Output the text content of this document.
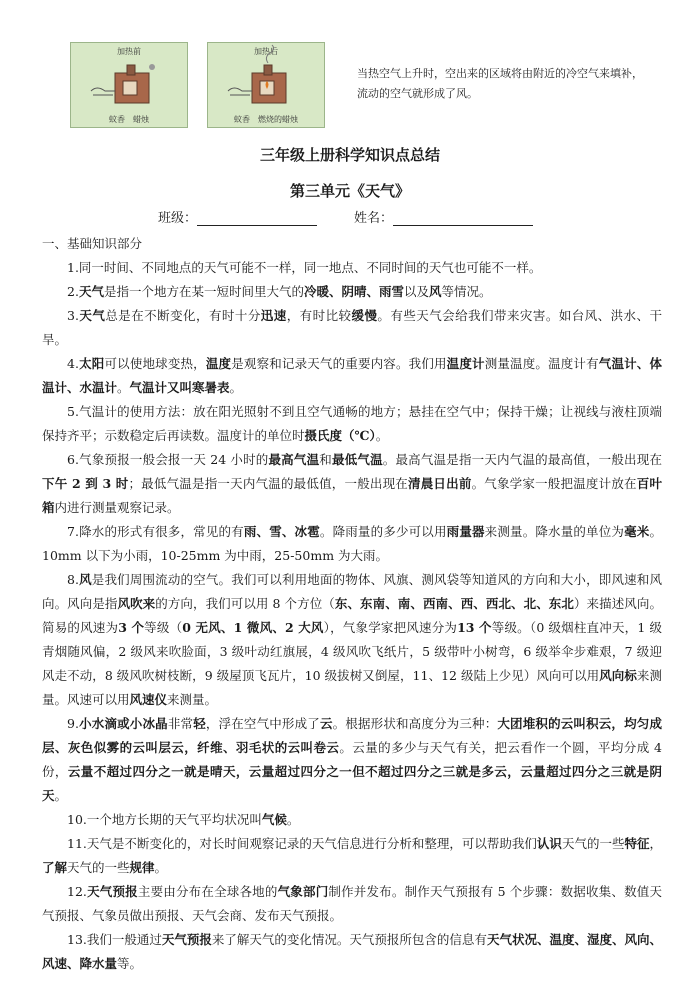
加热前
蚊香　蜡烛
加热后
蚊香　燃烧的蜡烛
当热空气上升时，空出来的区域将由附近的冷空气来填补，流动的空气就形成了风。
三年级上册科学知识点总结
第三单元《天气》
班级：	姓名：

一、基础知识部分

1.同一时间、不同地点的天气可能不一样，同一地点、不同时间的天气也可能不一样。

2.天气是指一个地方在某一短时间里大气的冷暖、阴晴、雨雪以及风等情况。

3.天气总是在不断变化，有时十分迅速，有时比较缓慢。有些天气会给我们带来灾害。如台风、洪水、干旱。

4.太阳可以使地球变热，温度是观察和记录天气的重要内容。我们用温度计测量温度。温度计有气温计、体温计、水温计。气温计又叫寒暑表。

5.气温计的使用方法：放在阳光照射不到且空气通畅的地方；悬挂在空气中；保持干燥；让视线与液柱顶端保持齐平；示数稳定后再读数。温度计的单位时摄氏度（℃）。

6.气象预报一般会报一天 24 小时的最高气温和最低气温。最高气温是指一天内气温的最高值，一般出现在下午 2 到 3 时；最低气温是指一天内气温的最低值，一般出现在清晨日出前。气象学家一般把温度计放在百叶箱内进行测量观察记录。

7.降水的形式有很多，常见的有雨、雪、冰雹。降雨量的多少可以用雨量器来测量。降水量的单位为毫米。10mm 以下为小雨，10-25mm 为中雨，25-50mm 为大雨。

8.风是我们周围流动的空气。我们可以利用地面的物体、风旗、测风袋等知道风的方向和大小，即风速和风向。风向是指风吹来的方向，我们可以用 8 个方位（东、东南、南、西南、西、西北、北、东北）来描述风向。简易的风速为3 个等级（0 无风、1 微风、2 大风），气象学家把风速分为13 个等级。（0 级烟柱直冲天，1 级青烟随风偏，2 级风来吹脸面，3 级叶动红旗展，4 级风吹飞纸片，5 级带叶小树弯，6 级举伞步难艰，7 级迎风走不动，8 级风吹树枝断，9 级屋顶飞瓦片，10 级拔树又倒屋，11、12 级陆上少见）风向可以用风向标来测量。风速可以用风速仪来测量。

9.小水滴或小冰晶非常轻，浮在空气中形成了云。根据形状和高度分为三种：大团堆积的云叫积云，均匀成层、灰色似雾的云叫层云，纤维、羽毛状的云叫卷云。云量的多少与天气有关，把云看作一个圆，平均分成 4 份，云量不超过四分之一就是晴天，云量超过四分之一但不超过四分之三就是多云，云量超过四分之三就是阴天。

10.一个地方长期的天气平均状况叫气候。

11.天气是不断变化的，对长时间观察记录的天气信息进行分析和整理，可以帮助我们认识天气的一些特征，了解天气的一些规律。

12.天气预报主要由分布在全球各地的气象部门制作并发布。制作天气预报有 5 个步骤：数据收集、数值天气预报、气象员做出预报、天气会商、发布天气预报。

13.我们一般通过天气预报来了解天气的变化情况。天气预报所包含的信息有天气状况、温度、湿度、风向、风速、降水量等。
